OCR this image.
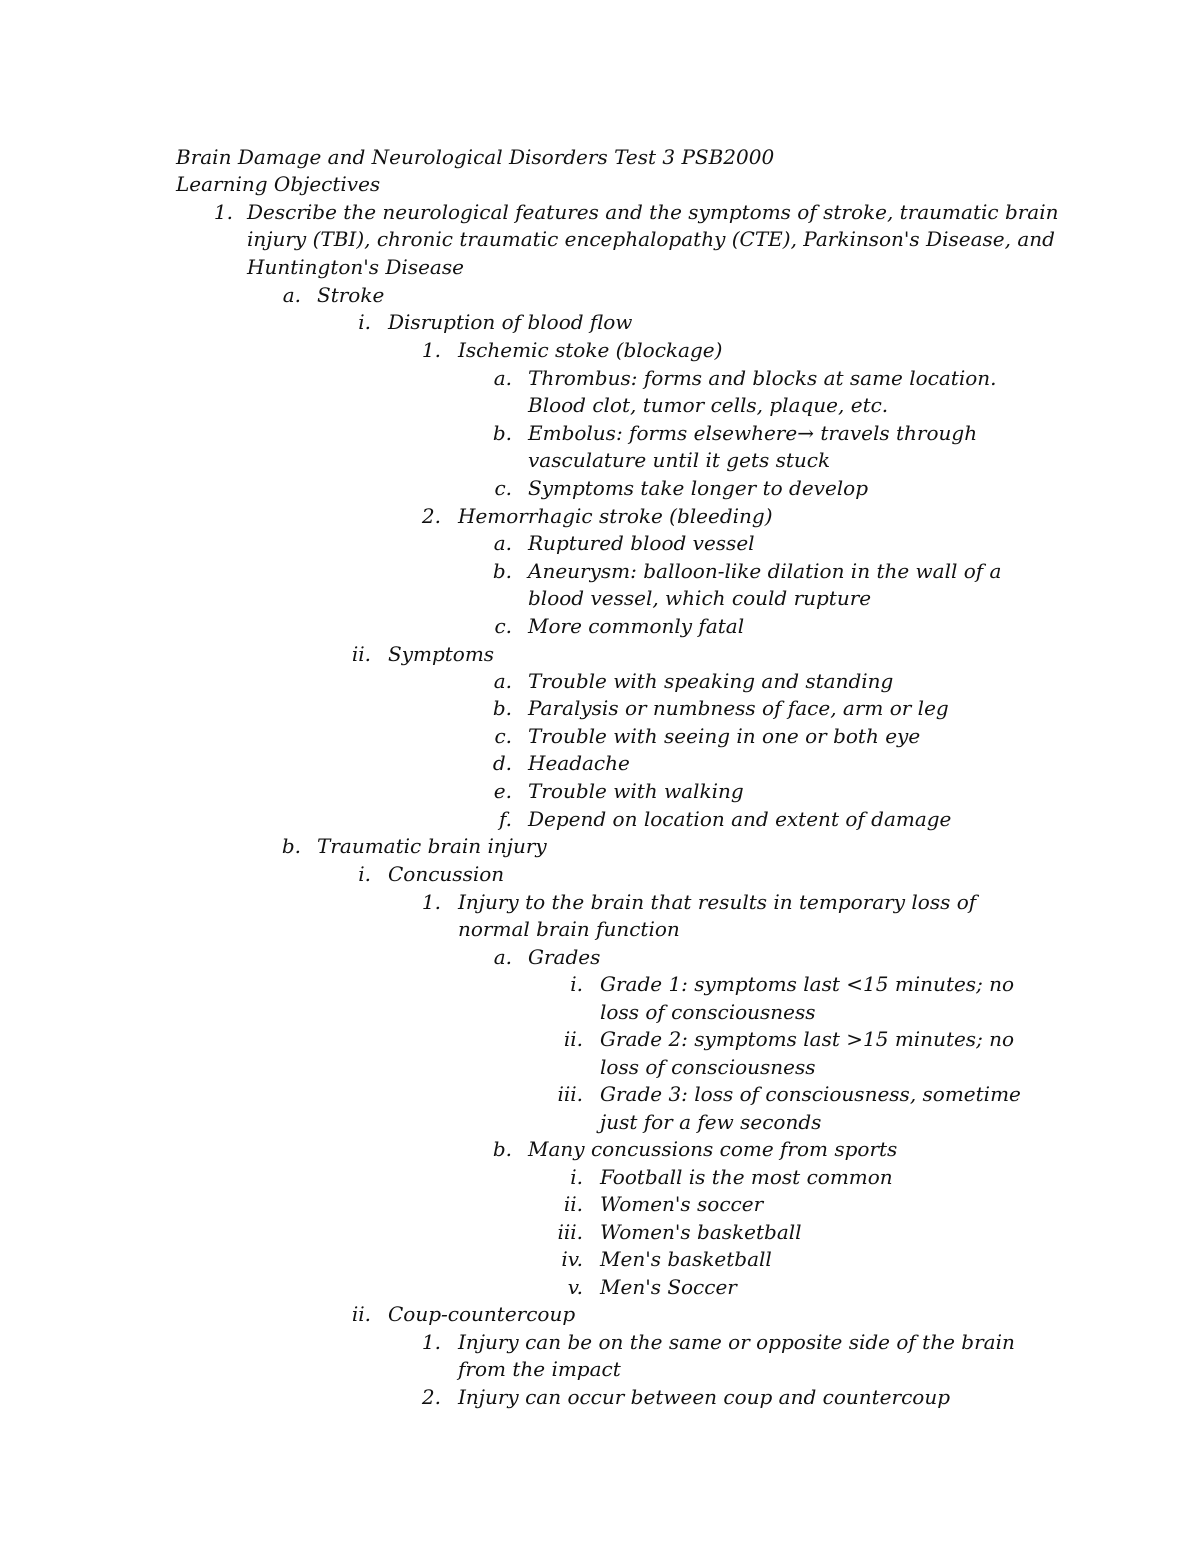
Brain Damage and Neurological Disorders Test 3 PSB2000
Learning Objectives
1. Describe the neurological features and the symptoms of stroke, traumatic brain
injury (TBI), chronic traumatic encephalopathy (CTE), Parkinson's Disease, and
Huntington's Disease
a. Stroke
i. Disruption of blood flow
1. Ischemic stoke (blockage)
a. Thrombus: forms and blocks at same location.
Blood clot, tumor cells, plaque, etc.
b. Embolus: forms elsewhere→ travels through
vasculature until it gets stuck
c. Symptoms take longer to develop
2. Hemorrhagic stroke (bleeding)
a. Ruptured blood vessel
b. Aneurysm: balloon-like dilation in the wall of a
blood vessel, which could rupture
c. More commonly fatal
ii. Symptoms
a. Trouble with speaking and standing
b. Paralysis or numbness of face, arm or leg
c. Trouble with seeing in one or both eye
d. Headache
e. Trouble with walking
f. Depend on location and extent of damage
b. Traumatic brain injury
i. Concussion
1. Injury to the brain that results in temporary loss of
normal brain function
a. Grades
i. Grade 1: symptoms last <15 minutes; no
loss of consciousness
ii. Grade 2: symptoms last >15 minutes; no
loss of consciousness
iii. Grade 3: loss of consciousness, sometime
just for a few seconds
b. Many concussions come from sports
i. Football is the most common
ii. Women's soccer
iii. Women's basketball
iv. Men's basketball
v. Men's Soccer
ii. Coup-countercoup
1. Injury can be on the same or opposite side of the brain
from the impact
2. Injury can occur between coup and countercoup
